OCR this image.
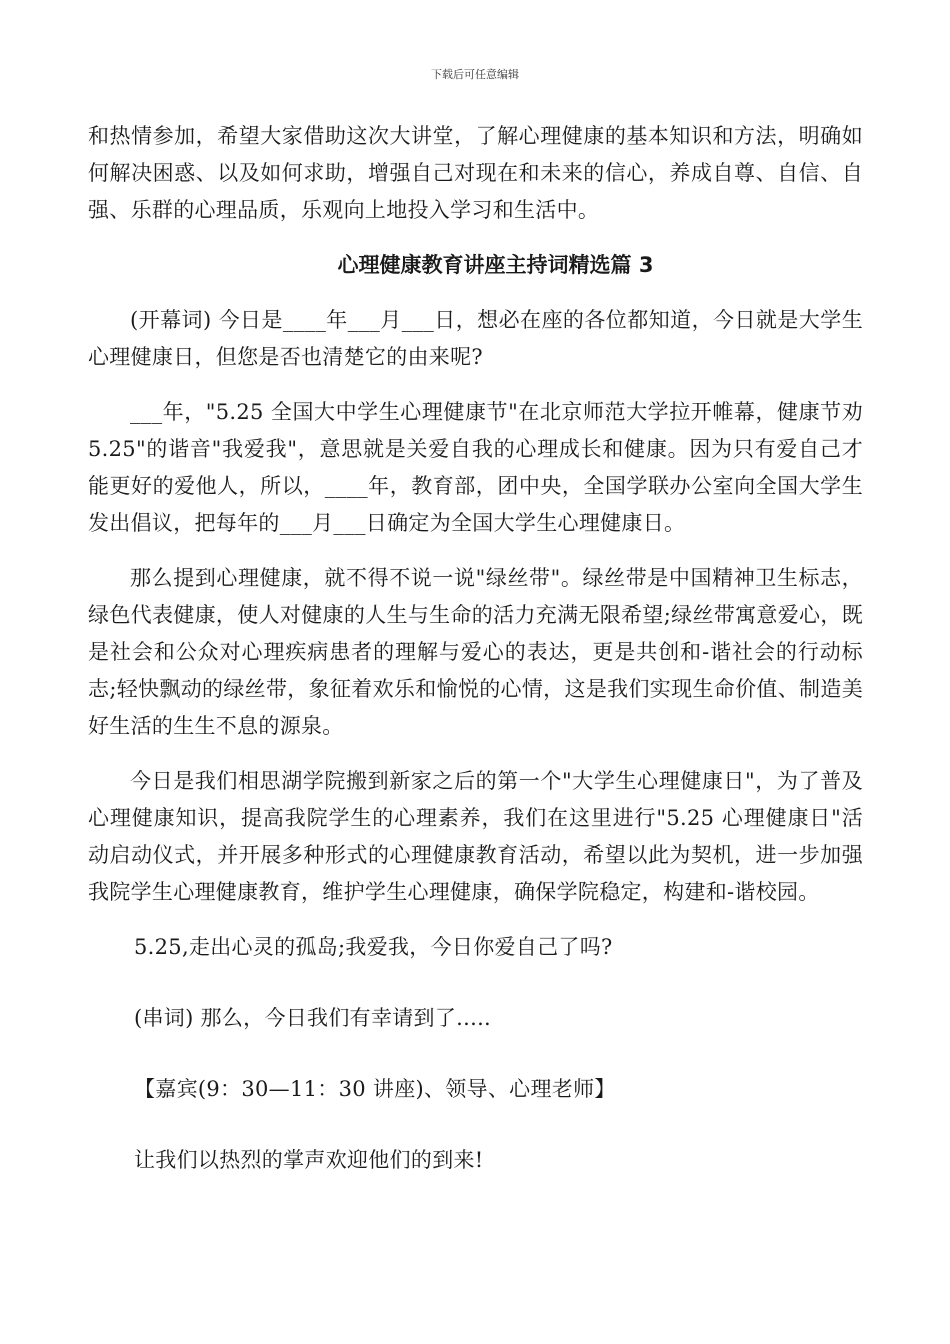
下载后可任意编辑

和热情参加，希望大家借助这次大讲堂，了解心理健康的基本知识和方法，明确如何解决困惑、以及如何求助，增强自己对现在和未来的信心，养成自尊、自信、自强、乐群的心理品质，乐观向上地投入学习和生活中。

心理健康教育讲座主持词精选篇 3

(开幕词) 今日是____年___月___日，想必在座的各位都知道，今日就是大学生心理健康日，但您是否也清楚它的由来呢?

___年，"5.25 全国大中学生心理健康节"在北京师范大学拉开帷幕，健康节劝 5.25"的谐音"我爱我"，意思就是关爱自我的心理成长和健康。因为只有爱自己才能更好的爱他人，所以，____年，教育部，团中央，全国学联办公室向全国大学生发出倡议，把每年的___月___日确定为全国大学生心理健康日。

那么提到心理健康，就不得不说一说"绿丝带"。绿丝带是中国精神卫生标志，绿色代表健康，使人对健康的人生与生命的活力充满无限希望;绿丝带寓意爱心，既是社会和公众对心理疾病患者的理解与爱心的表达，更是共创和-谐社会的行动标志;轻快飘动的绿丝带，象征着欢乐和愉悦的心情，这是我们实现生命价值、制造美好生活的生生不息的源泉。

今日是我们相思湖学院搬到新家之后的第一个"大学生心理健康日"，为了普及心理健康知识，提高我院学生的心理素养，我们在这里进行"5.25 心理健康日"活动启动仪式，并开展多种形式的心理健康教育活动，希望以此为契机，进一步加强我院学生心理健康教育，维护学生心理健康，确保学院稳定，构建和-谐校园。

5.25,走出心灵的孤岛;我爱我，今日你爱自己了吗?
(串词) 那么，今日我们有幸请到了.....
【嘉宾(9：30—11：30 讲座)、领导、心理老师】
让我们以热烈的掌声欢迎他们的到来!
